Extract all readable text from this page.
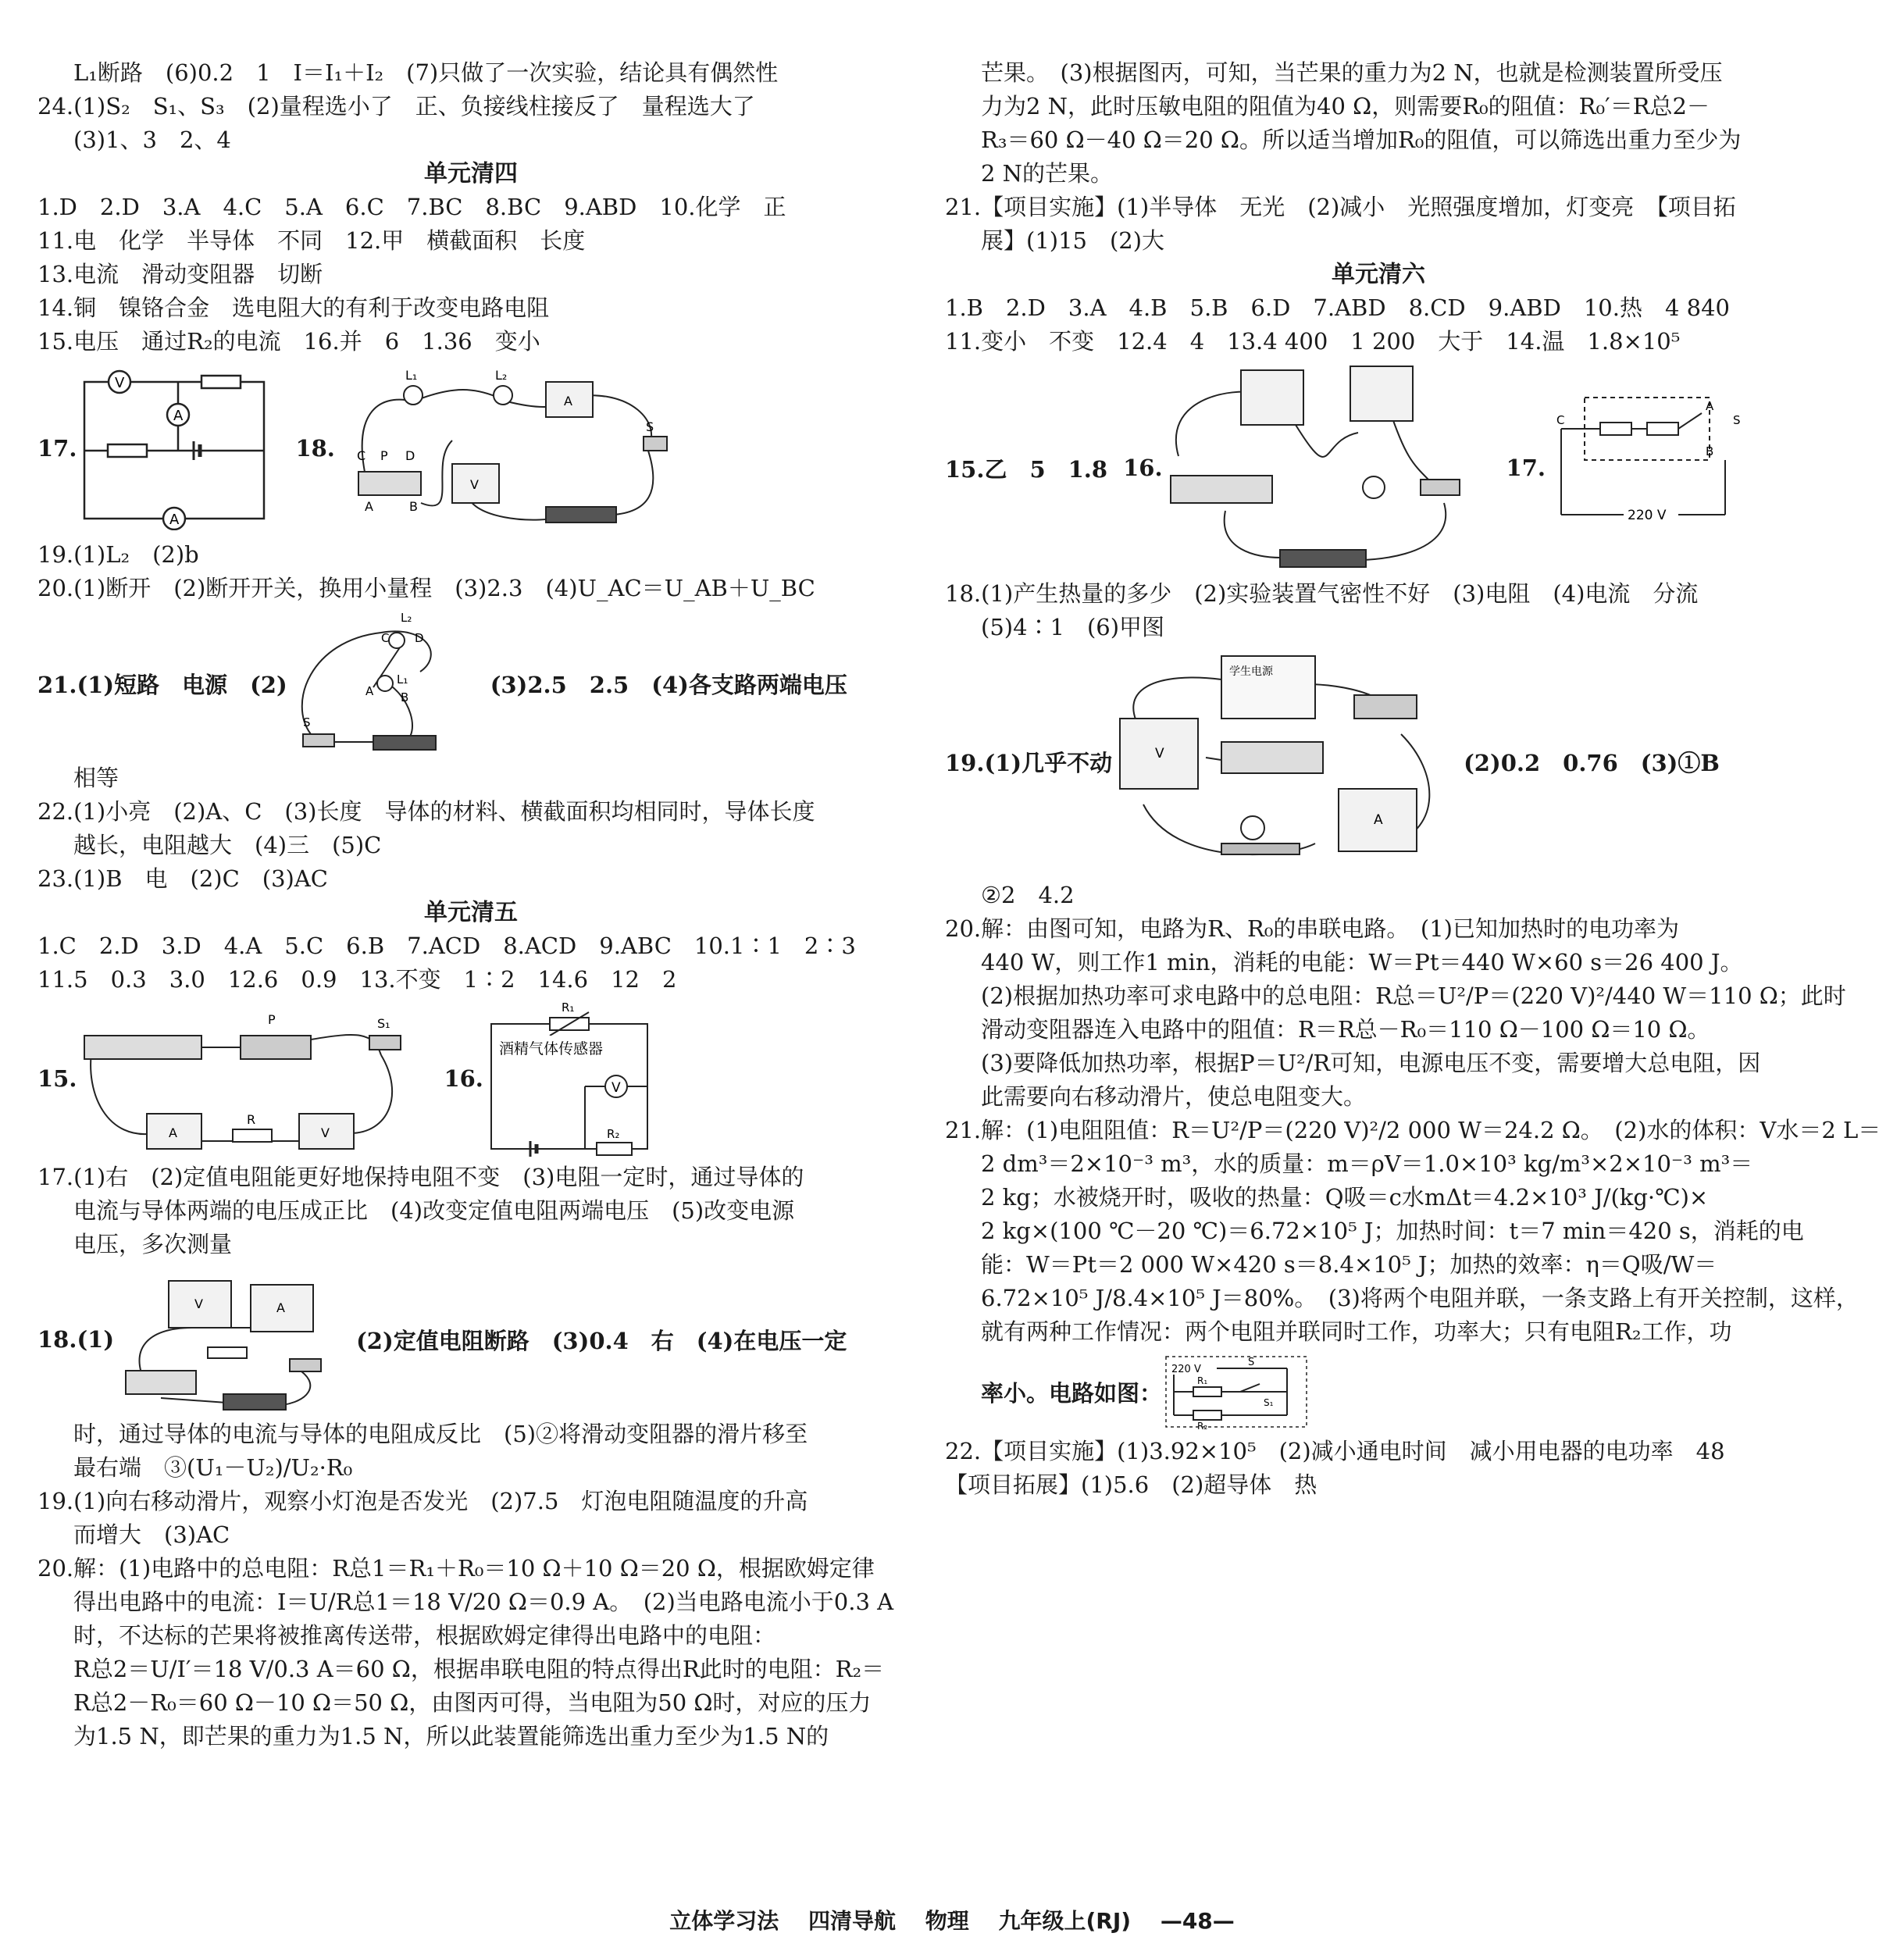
L₁断路　(6)0.2　1　I＝I₁＋I₂　(7)只做了一次实验，结论具有偶然性
24.(1)S₂　S₁、S₃　(2)量程选小了　正、负接线柱接反了　量程选大了
(3)1、3　2、4
单元清四
1.D　2.D　3.A　4.C　5.A　6.C　7.BC　8.BC　9.ABD　10.化学　正
11.电　化学　半导体　不同　12.甲　横截面积　长度
13.电流　滑动变阻器　切断
14.铜　镍铬合金　选电阻大的有利于改变电路电阻
15.电压　通过R₂的电流　16.并　6　1.36　变小
17.
V
A
A
18. C P D
A	B
L₁	L₂
A
V
S
19.(1)L₂　(2)b
20.(1)断开　(2)断开开关，换用小量程　(3)2.3　(4)U_AC＝U_AB＋U_BC
21.(1)短路　电源　(2)
L₂
C D
L₁
A B
S
(3)2.5　2.5　(4)各支路两端电压
相等
22.(1)小亮　(2)A、C　(3)长度　导体的材料、横截面积均相同时，导体长度
越长，电阻越大　(4)三　(5)C
23.(1)B　电　(2)C　(3)AC
单元清五
1.C　2.D　3.D　4.A　5.C　6.B　7.ACD　8.ACD　9.ABC　10.1∶1　2∶3
11.5　0.3　3.0　12.6　0.9　13.不变　1∶2　14.6　12　2
15.
P	S₁
A
R
V
16.
R₁
酒精气体传感器
V
R₂
17.(1)右　(2)定值电阻能更好地保持电阻不变　(3)电阻一定时，通过导体的
电流与导体两端的电压成正比　(4)改变定值电阻两端电压　(5)改变电源
电压，多次测量
18.(1)
V	A
(2)定值电阻断路　(3)0.4　右　(4)在电压一定
时，通过导体的电流与导体的电阻成反比　(5)②将滑动变阻器的滑片移至
最右端　③(U₁－U₂)/U₂·R₀
19.(1)向右移动滑片，观察小灯泡是否发光　(2)7.5　灯泡电阻随温度的升高
而增大　(3)AC
20.解：(1)电路中的总电阻：R总1＝R₁＋R₀＝10 Ω＋10 Ω＝20 Ω，根据欧姆定律
得出电路中的电流：I＝U/R总1＝18 V/20 Ω＝0.9 A。　(2)当电路电流小于0.3 A
时，不达标的芒果将被推离传送带，根据欧姆定律得出电路中的电阻：
R总2＝U/I′＝18 V/0.3 A＝60 Ω，根据串联电阻的特点得出R此时的电阻：R₂＝
R总2－R₀＝60 Ω－10 Ω＝50 Ω，由图丙可得，当电阻为50 Ω时，对应的压力
为1.5 N，即芒果的重力为1.5 N，所以此装置能筛选出重力至少为1.5 N的
芒果。　(3)根据图丙，可知，当芒果的重力为2 N，也就是检测装置所受压
力为2 N，此时压敏电阻的阻值为40 Ω，则需要R₀的阻值：R₀′＝R总2－
R₃＝60 Ω－40 Ω＝20 Ω。所以适当增加R₀的阻值，可以筛选出重力至少为
2 N的芒果。
21.【项目实施】(1)半导体　无光　(2)减小　光照强度增加，灯变亮　【项目拓
展】(1)15　(2)大
单元清六
1.B　2.D　3.A　4.B　5.B　6.D　7.ABD　8.CD　9.ABD　10.热　4 840
11.变小　不变　12.4　4　13.4 400　1 200　大于　14.温　1.8×10⁵
15.乙　5　1.8 16.	17.
C
A
S
B
220 V
18.(1)产生热量的多少　(2)实验装置气密性不好　(3)电阻　(4)电流　分流
(5)4∶1　(6)甲图
19.(1)几乎不动
学生电源
V
A
(2)0.2　0.76　(3)①B
②2　4.2
20.解：由图可知，电路为R、R₀的串联电路。　(1)已知加热时的电功率为
440 W，则工作1 min，消耗的电能：W＝Pt＝440 W×60 s＝26 400 J。
(2)根据加热功率可求电路中的总电阻：R总＝U²/P＝(220 V)²/440 W＝110 Ω；此时
滑动变阻器连入电路中的阻值：R＝R总－R₀＝110 Ω－100 Ω＝10 Ω。
(3)要降低加热功率，根据P＝U²/R可知，电源电压不变，需要增大总电阻，因
此需要向右移动滑片，使总电阻变大。
21.解：(1)电阻阻值：R＝U²/P＝(220 V)²/2 000 W＝24.2 Ω。　(2)水的体积：V水＝2 L＝
2 dm³＝2×10⁻³ m³，水的质量：m＝ρV＝1.0×10³ kg/m³×2×10⁻³ m³＝
2 kg；水被烧开时，吸收的热量：Q吸＝c水mΔt＝4.2×10³ J/(kg·℃)×
2 kg×(100 ℃－20 ℃)＝6.72×10⁵ J；加热时间：t＝7 min＝420 s，消耗的电
能：W＝Pt＝2 000 W×420 s＝8.4×10⁵ J；加热的效率：η＝Q吸/W＝
6.72×10⁵ J/8.4×10⁵ J＝80%。　(3)将两个电阻并联，一条支路上有开关控制，这样，
就有两种工作情况：两个电阻并联同时工作，功率大；只有电阻R₂工作，功
率小。电路如图：
220 V
S
R₁
S₁
R₂
22.【项目实施】(1)3.92×10⁵　(2)减小通电时间　减小用电器的电功率　48
【项目拓展】(1)5.6　(2)超导体　热
立体学习法 四清导航 物理 九年级上(RJ) —48—
